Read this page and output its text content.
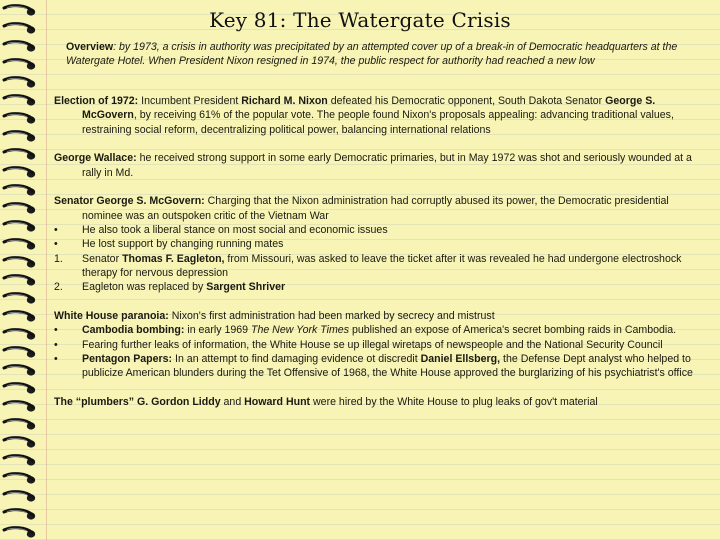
Key 81: The Watergate Crisis

Overview: by 1973, a crisis in authority was precipitated by an attempted cover up of a break-in of Democratic headquarters at the Watergate Hotel. When President Nixon resigned in 1974, the public respect for authority had reached a new low

Election of 1972: Incumbent President Richard M. Nixon defeated his Democratic opponent, South Dakota Senator George S. McGovern, by receiving 61% of the popular vote. The people found Nixon's proposals appealing: advancing traditional values, restraining social reform, decentralizing political power, balancing international relations

George Wallace: he received strong support in some early Democratic primaries, but in May 1972 was shot and seriously wounded at a rally in Md.

Senator George S. McGovern: Charging that the Nixon administration had corruptly abused its power, the Democratic presidential nominee was an outspoken critic of the Vietnam War

•	He also took a liberal stance on most social and economic issues
•	He lost support by changing running mates
1.	Senator Thomas F. Eagleton, from Missouri, was asked to leave the ticket after it was revealed he had undergone electroshock therapy for nervous depression
2.	Eagleton was replaced by Sargent Shriver

White House paranoia: Nixon's first administration had been marked by secrecy and mistrust

•	Cambodia bombing: in early 1969 The New York Times published an expose of America's secret bombing raids in Cambodia.
•	Fearing further leaks of information, the White House se up illegal wiretaps of newspeople and the National Security Council
•	Pentagon Papers: In an attempt to find damaging evidence ot discredit Daniel Ellsberg, the Defense Dept analyst who helped to publicize American blunders during the Tet Offensive of 1968, the White House approved the burglarizing of his psychiatrist's office

The “plumbers” G. Gordon Liddy and Howard Hunt were hired by the White House to plug leaks of gov't material
